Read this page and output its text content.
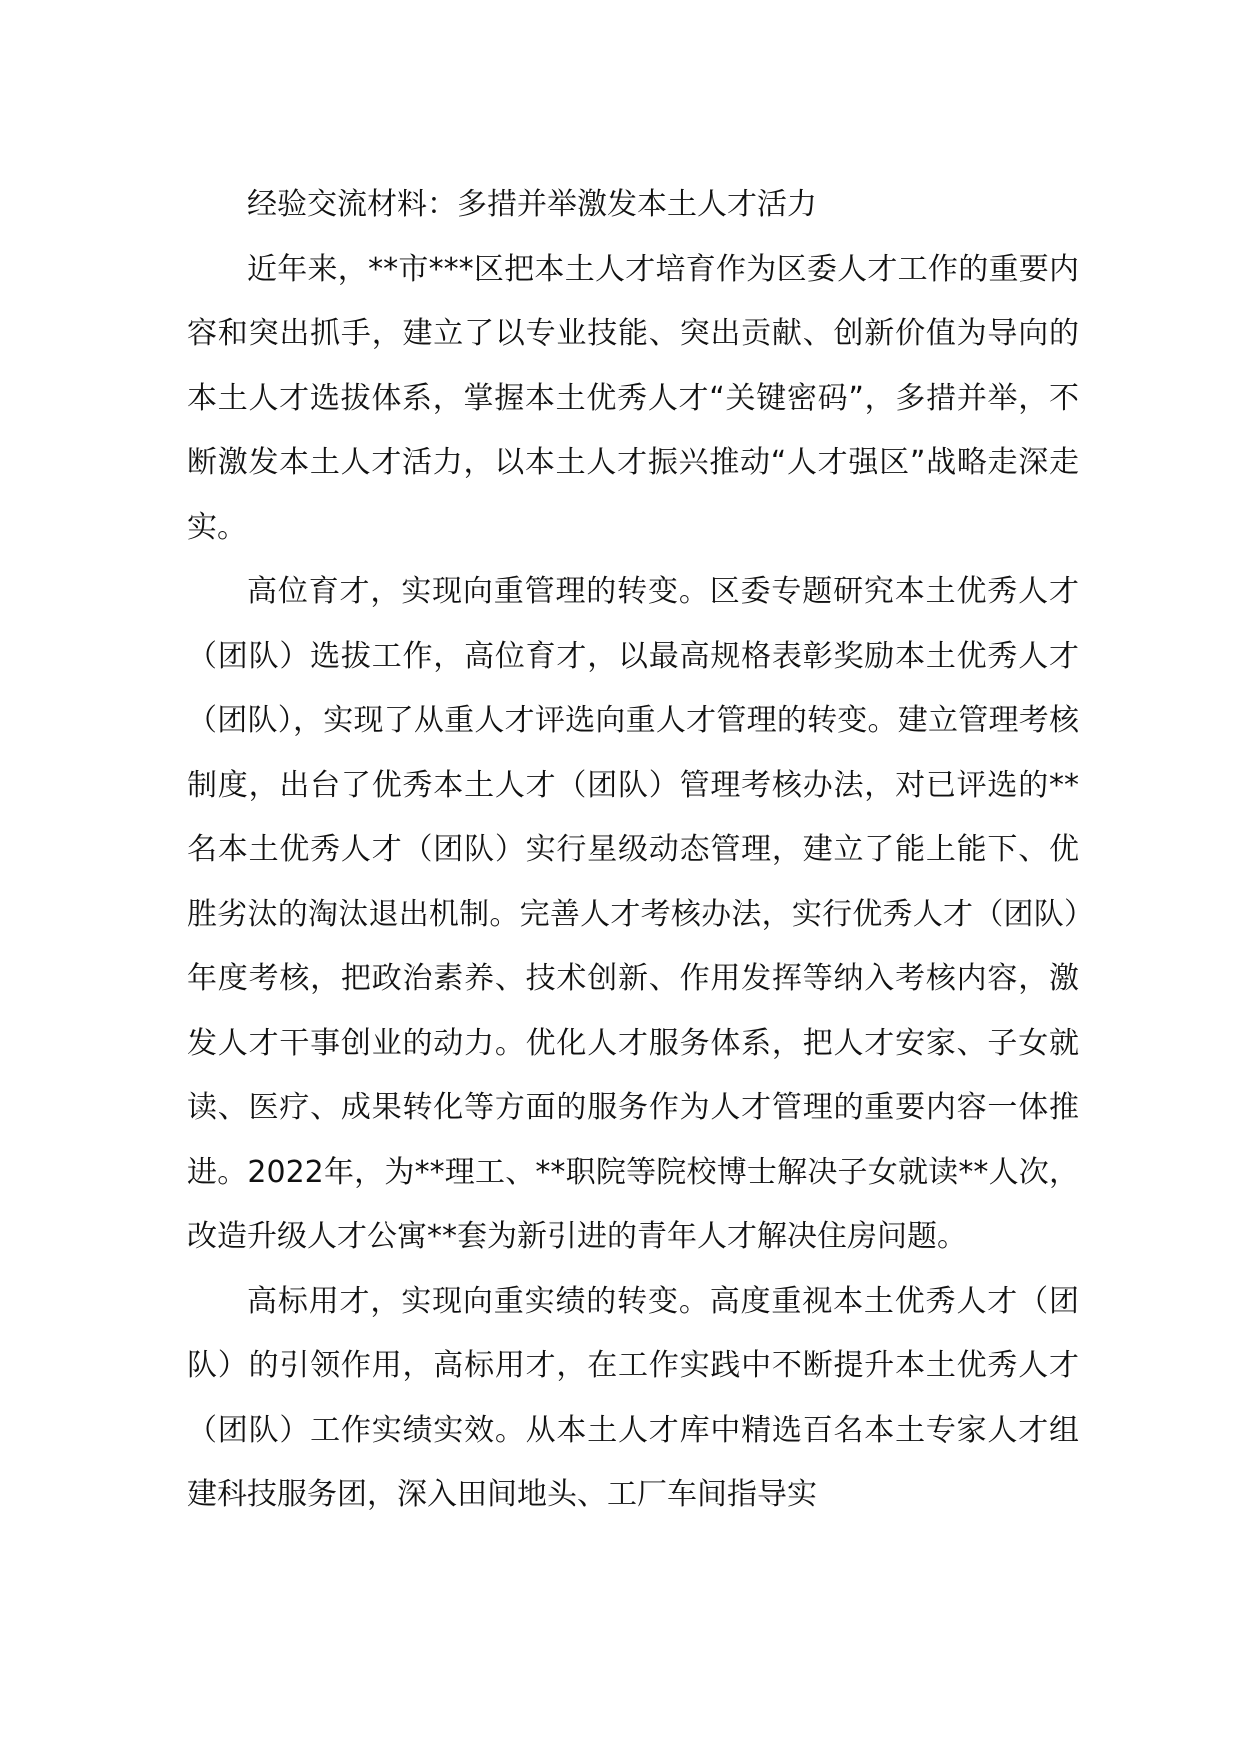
经验交流材料：多措并举激发本土人才活力

近年来，**市***区把本土人才培育作为区委人才工作的重要内容和突出抓手，建立了以专业技能、突出贡献、创新价值为导向的本土人才选拔体系，掌握本土优秀人才“关键密码”，多措并举，不断激发本土人才活力，以本土人才振兴推动“人才强区”战略走深走实。

高位育才，实现向重管理的转变。区委专题研究本土优秀人才（团队）选拔工作，高位育才，以最高规格表彰奖励本土优秀人才（团队），实现了从重人才评选向重人才管理的转变。建立管理考核制度，出台了优秀本土人才（团队）管理考核办法，对已评选的**名本土优秀人才（团队）实行星级动态管理，建立了能上能下、优胜劣汰的淘汰退出机制。完善人才考核办法，实行优秀人才（团队）年度考核，把政治素养、技术创新、作用发挥等纳入考核内容，激发人才干事创业的动力。优化人才服务体系，把人才安家、子女就读、医疗、成果转化等方面的服务作为人才管理的重要内容一体推进。2022年，为**理工、**职院等院校博士解决子女就读**人次，改造升级人才公寓**套为新引进的青年人才解决住房问题。

高标用才，实现向重实绩的转变。高度重视本土优秀人才（团队）的引领作用，高标用才，在工作实践中不断提升本土优秀人才（团队）工作实绩实效。从本土人才库中精选百名本土专家人才组建科技服务团，深入田间地头、工厂车间指导实
